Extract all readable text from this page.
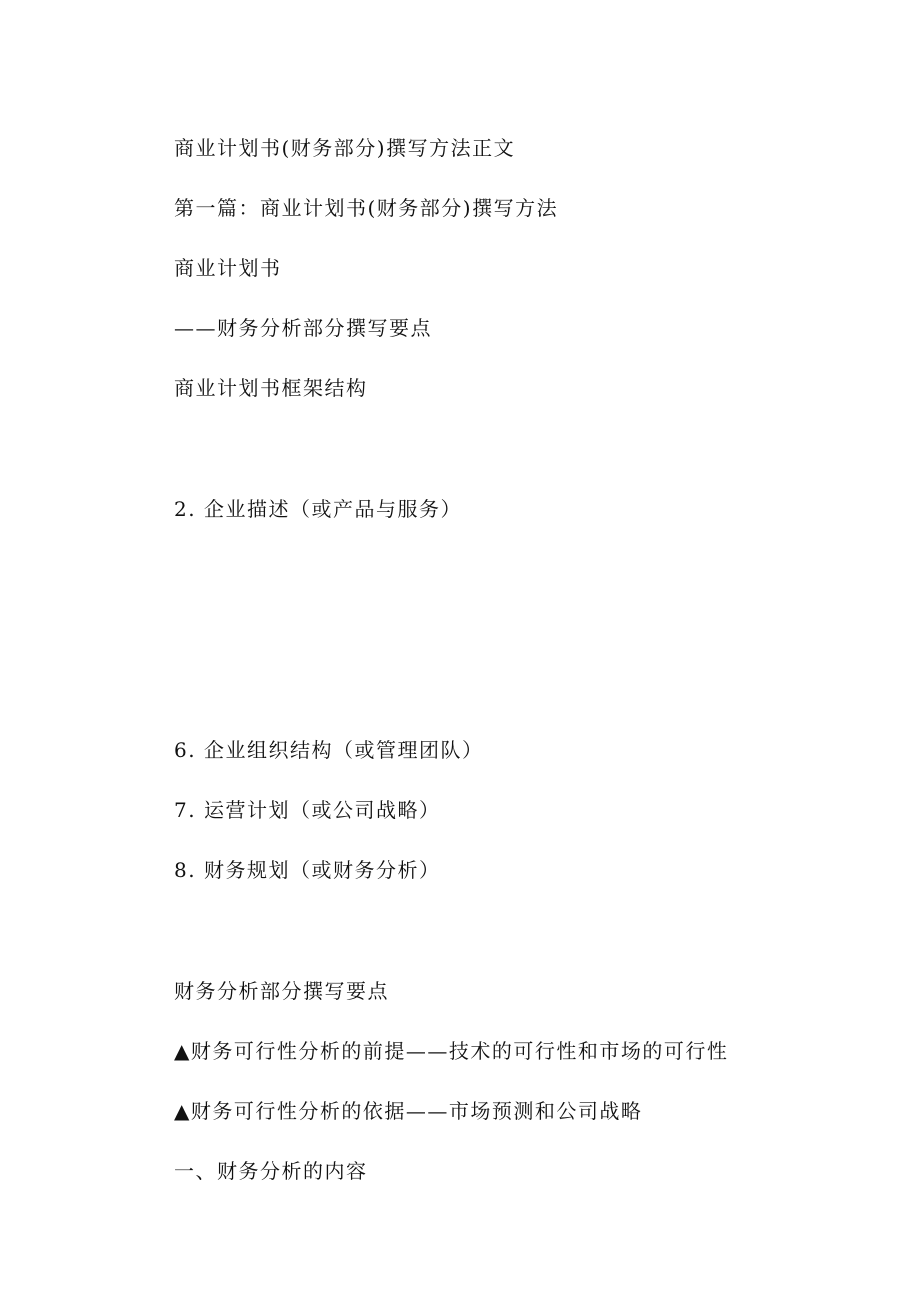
商业计划书(财务部分)撰写方法正文
第一篇：商业计划书(财务部分)撰写方法
商业计划书
——财务分析部分撰写要点
商业计划书框架结构
2. 企业描述（或产品与服务）
6. 企业组织结构（或管理团队）
7. 运营计划（或公司战略）
8. 财务规划（或财务分析）
财务分析部分撰写要点
▲财务可行性分析的前提——技术的可行性和市场的可行性
▲财务可行性分析的依据——市场预测和公司战略
一、财务分析的内容
